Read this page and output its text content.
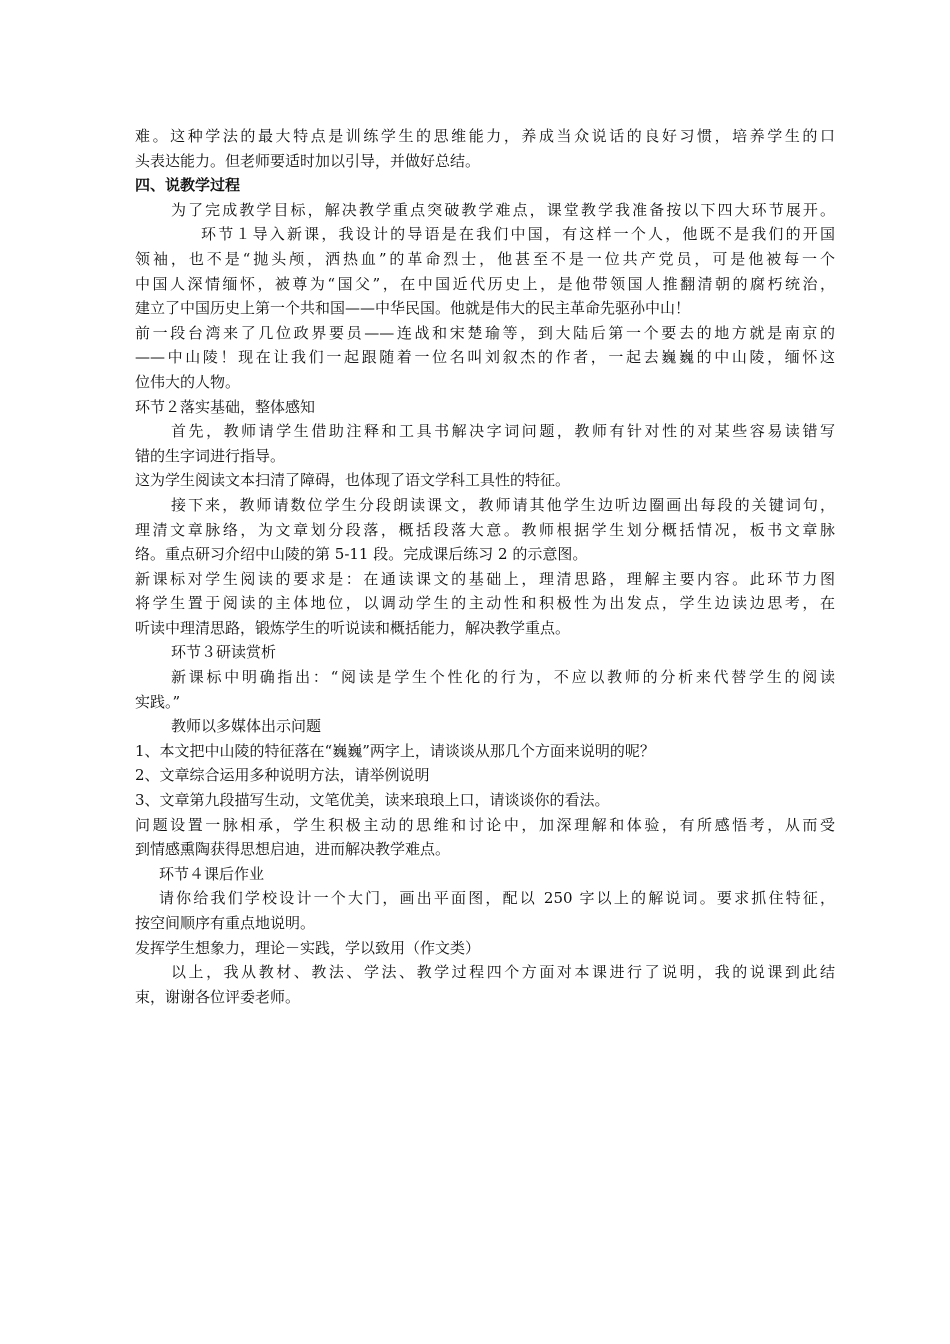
难。这种学法的最大特点是训练学生的思维能力，养成当众说话的良好习惯，培养学生的口
头表达能力。但老师要适时加以引导，并做好总结。
四、说教学过程
为了完成教学目标，解决教学重点突破教学难点，课堂教学我准备按以下四大环节展开。
环节１导入新课，我设计的导语是在我们中国，有这样一个人，他既不是我们的开国
领袖，也不是“抛头颅，洒热血”的革命烈士，他甚至不是一位共产党员，可是他被每一个
中国人深情缅怀，被尊为“国父”，在中国近代历史上，是他带领国人推翻清朝的腐朽统治，
建立了中国历史上第一个共和国——中华民国。他就是伟大的民主革命先驱孙中山！
前一段台湾来了几位政界要员——连战和宋楚瑜等，到大陆后第一个要去的地方就是南京的
——中山陵！现在让我们一起跟随着一位名叫刘叙杰的作者，一起去巍巍的中山陵，缅怀这
位伟大的人物。
环节２落实基础，整体感知
首先，教师请学生借助注释和工具书解决字词问题，教师有针对性的对某些容易读错写
错的生字词进行指导。
这为学生阅读文本扫清了障碍，也体现了语文学科工具性的特征。
接下来，教师请数位学生分段朗读课文，教师请其他学生边听边圈画出每段的关键词句，
理清文章脉络，为文章划分段落，概括段落大意。教师根据学生划分概括情况，板书文章脉
络。重点研习介绍中山陵的第 5-11 段。完成课后练习 2 的示意图。
新课标对学生阅读的要求是：在通读课文的基础上，理清思路，理解主要内容。此环节力图
将学生置于阅读的主体地位，以调动学生的主动性和积极性为出发点，学生边读边思考，在
听读中理清思路，锻炼学生的听说读和概括能力，解决教学重点。
环节３研读赏析
新课标中明确指出：“阅读是学生个性化的行为，不应以教师的分析来代替学生的阅读
实践。”
教师以多媒体出示问题
1、本文把中山陵的特征落在“巍巍”两字上，请谈谈从那几个方面来说明的呢？
2、文章综合运用多种说明方法，请举例说明
3、文章第九段描写生动，文笔优美，读来琅琅上口，请谈谈你的看法。
问题设置一脉相承，学生积极主动的思维和讨论中，加深理解和体验，有所感悟考，从而受
到情感熏陶获得思想启迪，进而解决教学难点。
环节４课后作业
请你给我们学校设计一个大门，画出平面图，配以 250 字以上的解说词。要求抓住特征，
按空间顺序有重点地说明。
发挥学生想象力，理论－实践，学以致用（作文类）
以上，我从教材、教法、学法、教学过程四个方面对本课进行了说明，我的说课到此结
束，谢谢各位评委老师。
